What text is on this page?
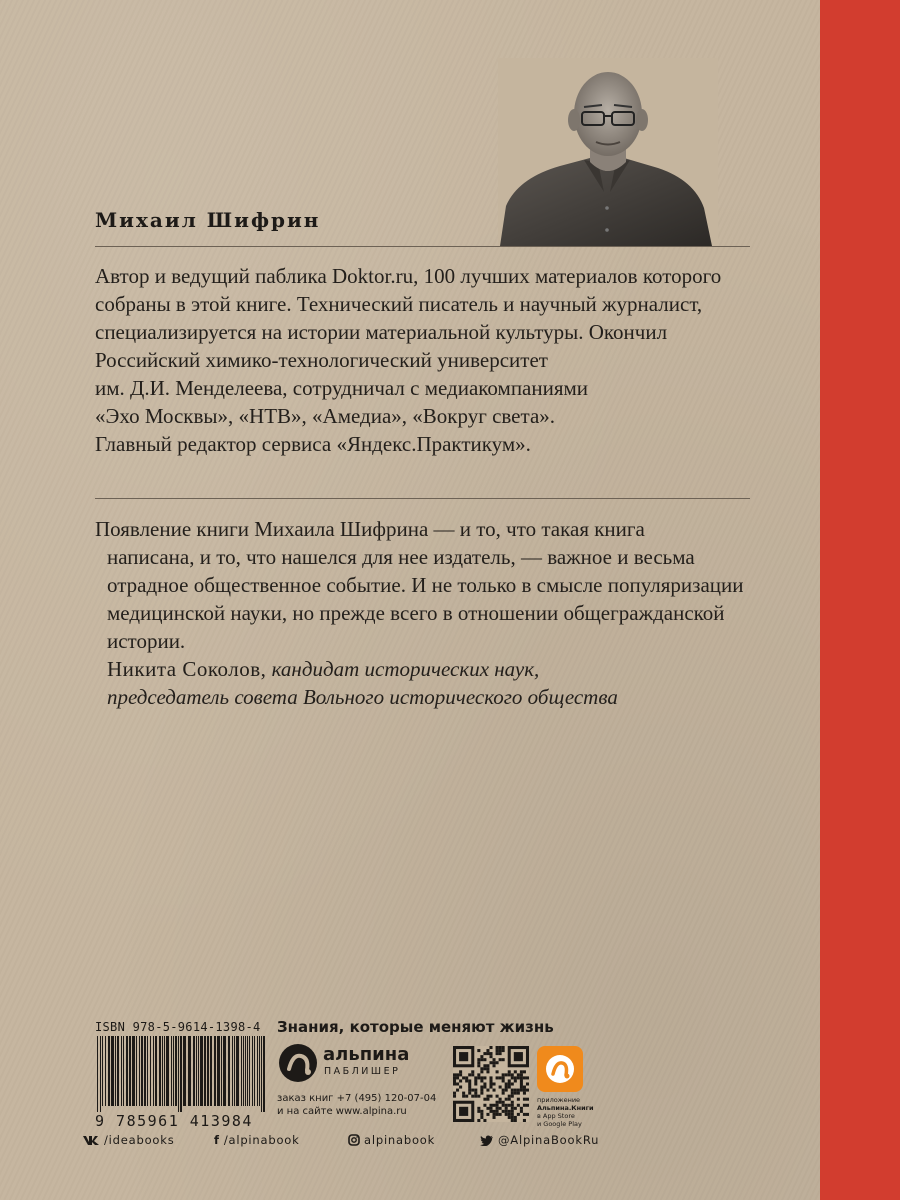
Михаил Шифрин

Автор и ведущий паблика Doktor.ru, 100 лучших материалов которого

собраны в этой книге. Технический писатель и научный журналист,

специализируется на истории материальной культуры. Окончил

Российский химико-технологический университет

им. Д.И. Менделеева, сотрудничал с медиакомпаниями

«Эхо Москвы», «НТВ», «Амедиа», «Вокруг света».

Главный редактор сервиса «Яндекс.Практикум».

Появление книги Михаила Шифрина — и то, что такая книга

написана, и то, что нашелся для нее издатель, — важное и весьма

отрадное общественное событие. И не только в смысле популяризации

медицинской науки, но прежде всего в отношении общегражданской

истории.

Никита Соколов, кандидат исторических наук,

председатель совета Вольного исторического общества

ISBN 978-5-9614-1398-4
9 785961 413984
Знания, которые меняют жизнь
альпина
ПАБЛИШЕР
заказ книг +7 (495) 120-07-04
и на сайте www.alpina.ru
приложение
Альпина.Книги
в App Store
и Google Play
/ideabooks	f /alpinabook	alpinabook	@AlpinaBookRu
